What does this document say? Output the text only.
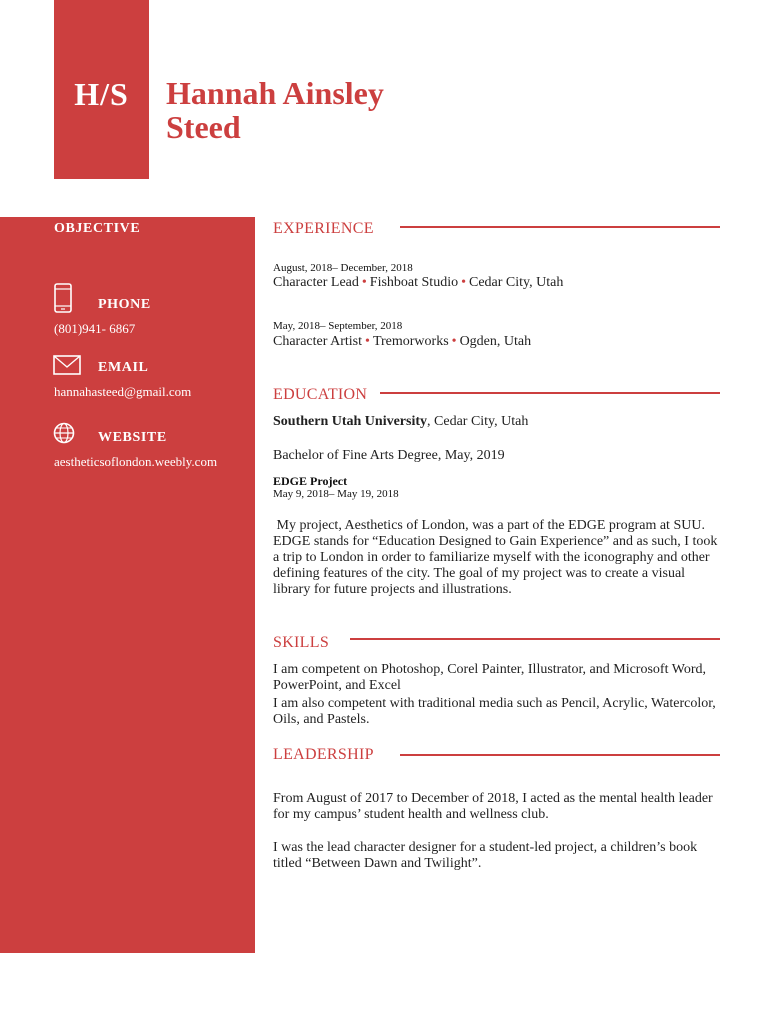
H/S	Hannah Ainsley
Steed
OBJECTIVE
PHONE
(801)941- 6867
EMAIL
hannahasteed@gmail.com
WEBSITE
aestheticsoflondon.weebly.com
EXPERIENCE
August, 2018– December, 2018
Character Lead • Fishboat Studio • Cedar City, Utah
May, 2018– September, 2018
Character Artist • Tremorworks • Ogden, Utah
EDUCATION
Southern Utah University, Cedar City, Utah
Bachelor of Fine Arts Degree, May, 2019
EDGE Project
May 9, 2018– May 19, 2018
My project, Aesthetics of London, was a part of the EDGE program at SUU. EDGE stands for “Education Designed to Gain Experience” and as such, I took a trip to London in order to familiarize myself with the iconography and other defining features of the city. The goal of my project was to create a visual library for future projects and illustrations.
SKILLS
I am competent on Photoshop, Corel Painter, Illustrator, and Microsoft Word, PowerPoint, and Excel
I am also competent with traditional media such as Pencil, Acrylic, Watercolor, Oils, and Pastels.
LEADERSHIP
From August of 2017 to December of 2018, I acted as the mental health leader for my campus’ student health and wellness club.
I was the lead character designer for a student-led project, a children’s book titled “Between Dawn and Twilight”.
